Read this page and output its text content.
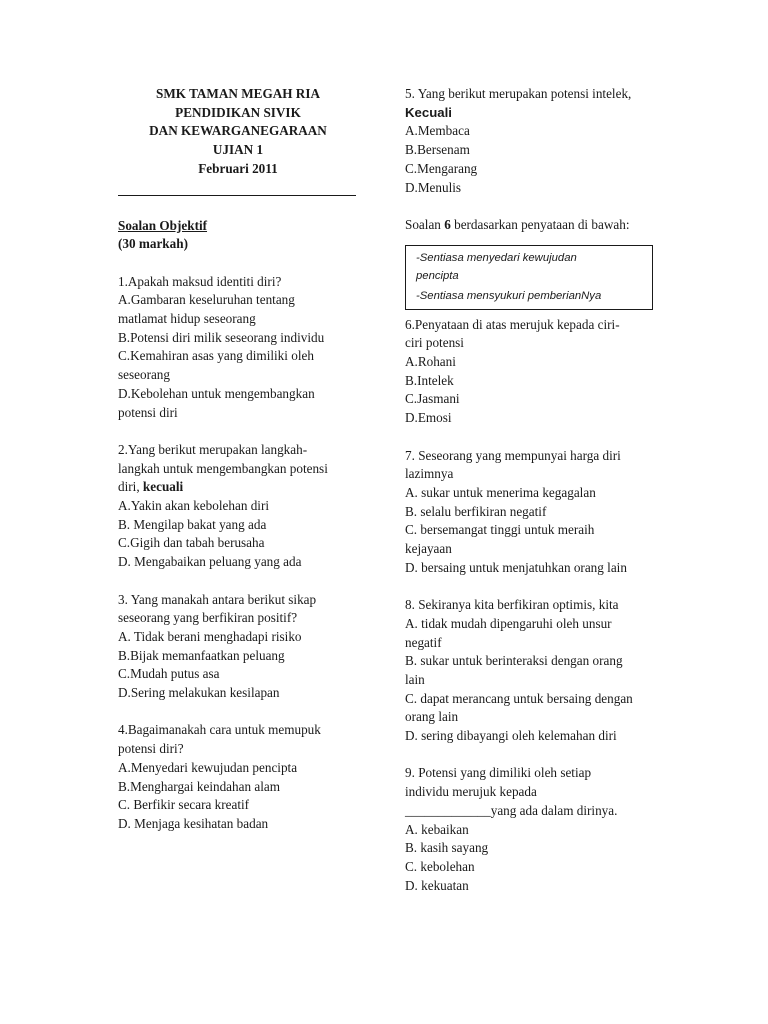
SMK TAMAN MEGAH RIA
PENDIDIKAN SIVIK
DAN KEWARGANEGARAAN
UJIAN 1
Februari 2011
Soalan Objektif
(30 markah)
1.Apakah maksud identiti diri?
A.Gambaran keseluruhan tentang
matlamat hidup seseorang
B.Potensi diri milik seseorang individu
C.Kemahiran asas yang dimiliki oleh
seseorang
D.Kebolehan untuk mengembangkan
potensi diri
2.Yang berikut merupakan langkah-
langkah untuk mengembangkan potensi
diri, kecuali
A.Yakin akan kebolehan diri
B. Mengilap bakat yang ada
C.Gigih dan tabah berusaha
D. Mengabaikan peluang yang ada
3. Yang manakah antara berikut sikap
seseorang yang berfikiran positif?
A. Tidak berani menghadapi risiko
B.Bijak memanfaatkan peluang
C.Mudah putus asa
D.Sering melakukan kesilapan
4.Bagaimanakah cara untuk memupuk
potensi diri?
A.Menyedari kewujudan pencipta
B.Menghargai keindahan alam
C. Berfikir secara kreatif
D. Menjaga kesihatan badan
5. Yang berikut merupakan potensi intelek,
Kecuali
A.Membaca
B.Bersenam
C.Mengarang
D.Menulis
Soalan 6 berdasarkan penyataan di bawah:
-Sentiasa menyedari kewujudan
pencipta
-Sentiasa mensyukuri pemberianNya
6.Penyataan di atas merujuk kepada ciri-
ciri potensi
A.Rohani
B.Intelek
C.Jasmani
D.Emosi
7. Seseorang yang mempunyai harga diri
lazimnya
A. sukar untuk menerima kegagalan
B. selalu berfikiran negatif
C. bersemangat tinggi untuk meraih
kejayaan
D. bersaing untuk menjatuhkan orang lain
8. Sekiranya kita berfikiran optimis, kita
A. tidak mudah dipengaruhi oleh unsur
negatif
B. sukar untuk berinteraksi dengan orang
lain
C. dapat merancang untuk bersaing dengan
orang lain
D. sering dibayangi oleh kelemahan diri
9. Potensi yang dimiliki oleh setiap
individu merujuk kepada
_____________yang ada dalam dirinya.
A. kebaikan
B. kasih sayang
C. kebolehan
D. kekuatan
